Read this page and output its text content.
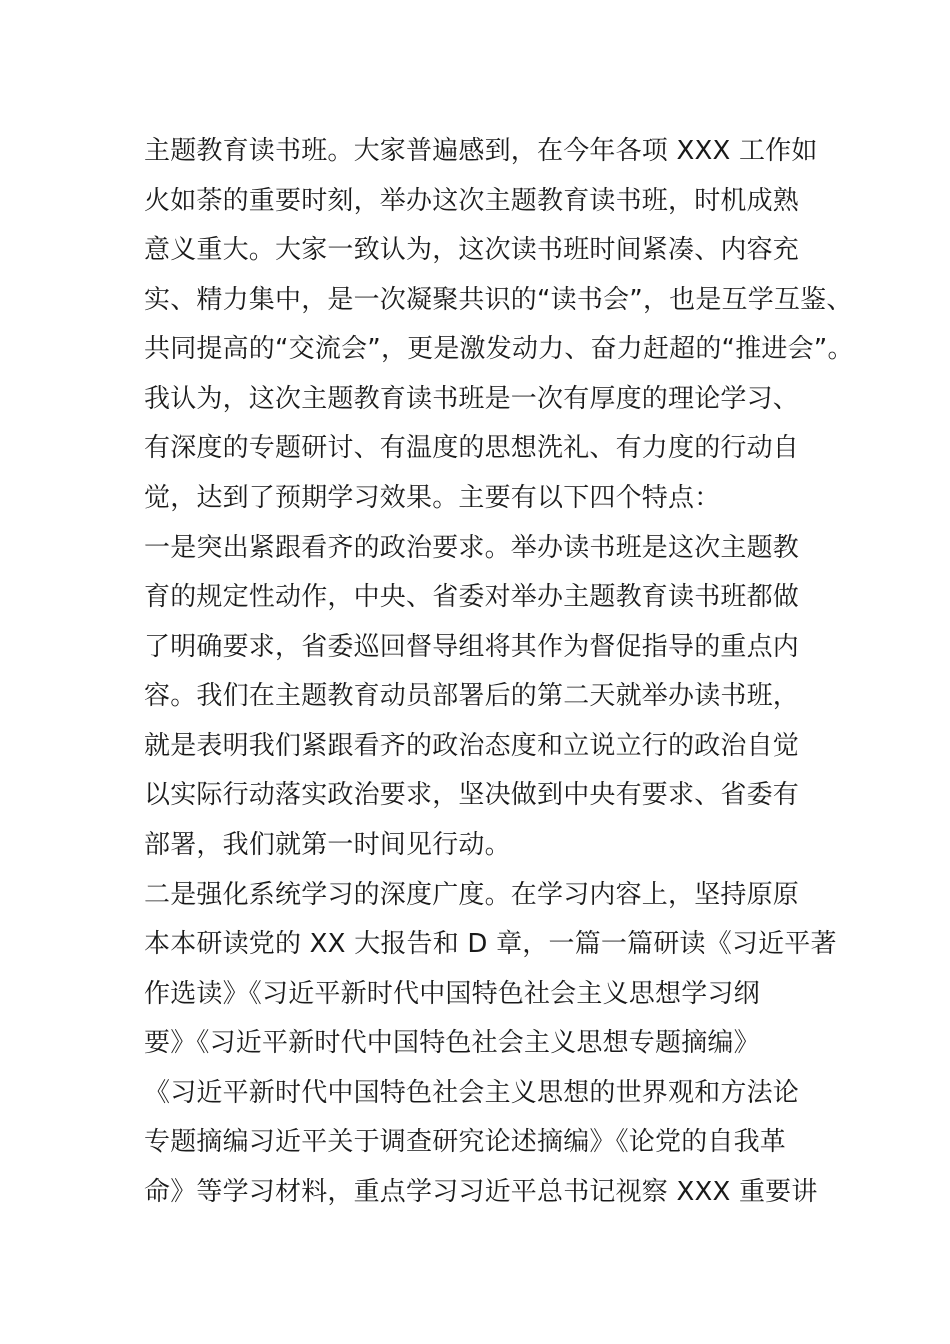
主题教育读书班。大家普遍感到，在今年各项 XXX 工作如
火如荼的重要时刻，举办这次主题教育读书班，时机成熟
意义重大。大家一致认为，这次读书班时间紧凑、内容充
实、精力集中，是一次凝聚共识的“读书会”，也是互学互鉴、
共同提高的“交流会”，更是激发动力、奋力赶超的“推进会”。
我认为，这次主题教育读书班是一次有厚度的理论学习、
有深度的专题研讨、有温度的思想洗礼、有力度的行动自
觉，达到了预期学习效果。主要有以下四个特点：
一是突出紧跟看齐的政治要求。举办读书班是这次主题教
育的规定性动作，中央、省委对举办主题教育读书班都做
了明确要求，省委巡回督导组将其作为督促指导的重点内
容。我们在主题教育动员部署后的第二天就举办读书班，
就是表明我们紧跟看齐的政治态度和立说立行的政治自觉
以实际行动落实政治要求，坚决做到中央有要求、省委有
部署，我们就第一时间见行动。
二是强化系统学习的深度广度。在学习内容上，坚持原原
本本研读党的 XX 大报告和 D 章，一篇一篇研读《习近平著
作选读》《习近平新时代中国特色社会主义思想学习纲
要》《习近平新时代中国特色社会主义思想专题摘编》
《习近平新时代中国特色社会主义思想的世界观和方法论
专题摘编习近平关于调查研究论述摘编》《论党的自我革
命》等学习材料，重点学习习近平总书记视察 XXX 重要讲
